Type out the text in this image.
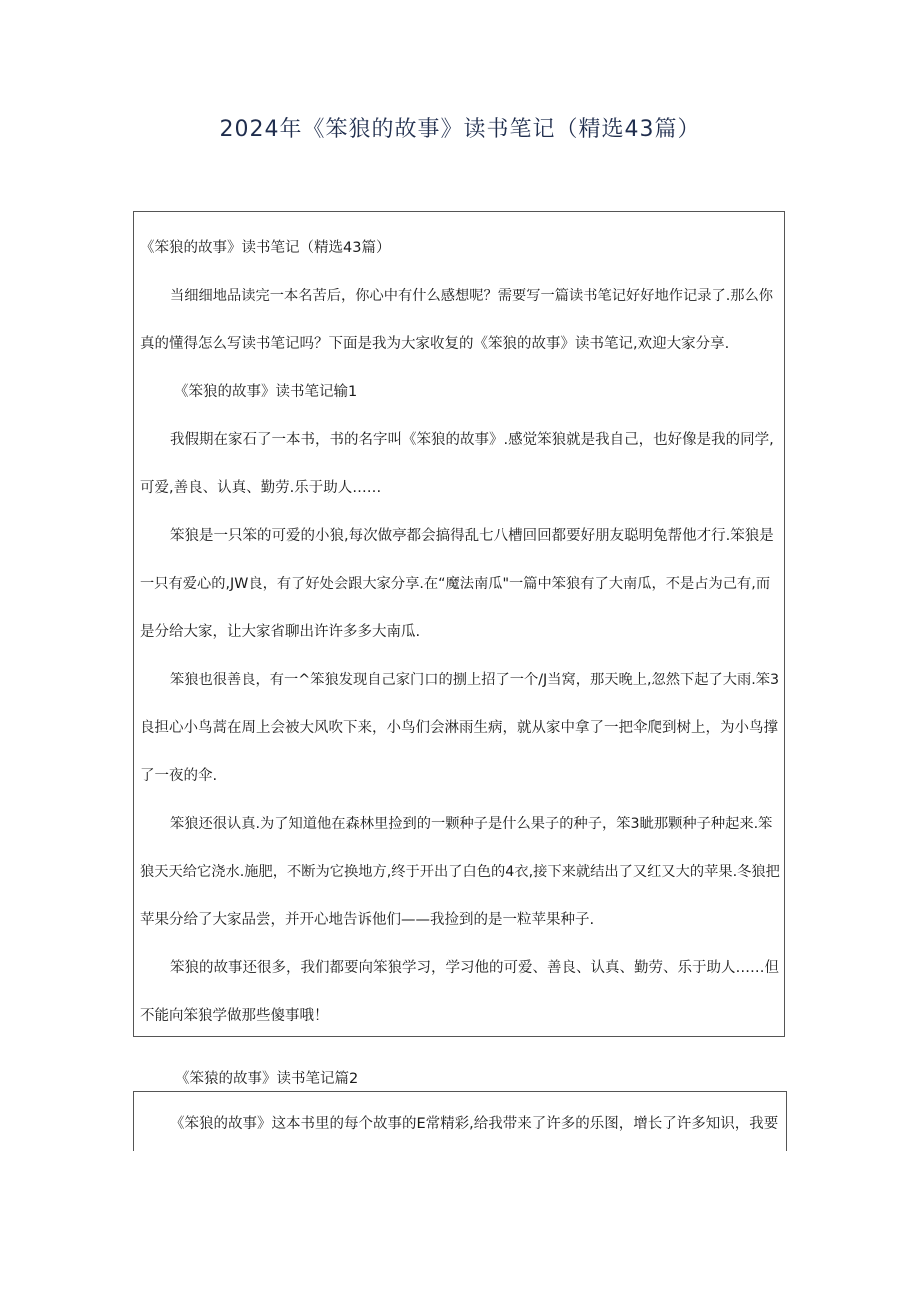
2024年《笨狼的故事》读书笔记（精选43篇）
《笨狼的故事》读书笔记（精选43篇）
当细细地品读完一本名苦后，你心中有什么感想呢？需要写一篇读书笔记好好地作记录了.那么你
真的懂得怎么写读书笔记吗？下面是我为大家收复的《笨狼的故事》读书笔记,欢迎大家分享.
《笨狼的故事》读书笔记输1
我假期在家石了一本书，书的名字叫《笨狼的故事》.感觉笨狼就是我自己，也好像是我的同学,
可爱,善良、认真、勤劳.乐于助人……
笨狼是一只笨的可爱的小狼,每次做亭都会搞得乱七八槽回回都要好朋友聪明兔帮他才行.笨狼是
一只有爱心的,JW良，有了好处会跟大家分享.在“魔法南瓜"一篇中笨狼有了大南瓜，不是占为己有,而
是分给大家，让大家省聊出许许多多大南瓜.
笨狼也很善良，有一^笨狼发现自己家门口的捌上招了一个/J当窝，那天晚上,忽然下起了大雨.笨3
良担心小鸟蒿在周上会被大风吹下来，小鸟们会淋雨生病，就从家中拿了一把伞爬到树上，为小鸟撑
了一夜的伞.
笨狼还很认真.为了知道他在森林里捡到的一颗种子是什么果子的种子，笨3眦那颗种子种起来.笨
狼天天给它浇水.施肥，不断为它换地方,终于开出了白色的4衣,接下来就结出了又红又大的苹果.冬狼把
苹果分给了大家品尝，并开心地告诉他们——我捡到的是一粒苹果种子.
笨狼的故事还很多，我们都要向笨狼学习，学习他的可爱、善良、认真、勤劳、乐于助人……但
不能向笨狼学做那些傻事哦！
《笨猿的故事》读书笔记篇2
《笨狼的故事》这本书里的每个故事的E常精彩,给我带来了许多的乐图，增长了许多知识，我要
